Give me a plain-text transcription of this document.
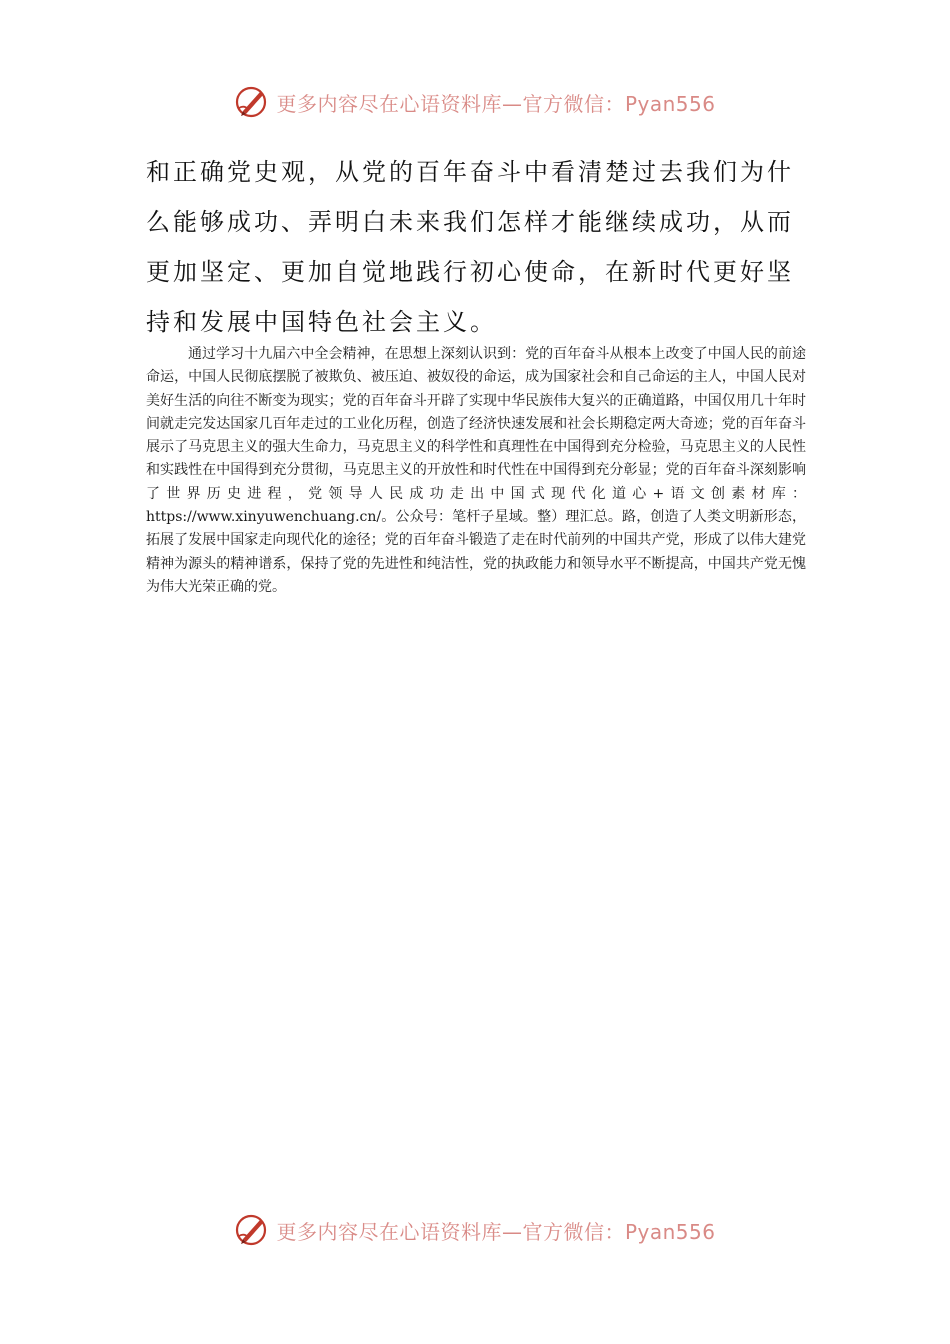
更多内容尽在心语资料库—官方微信：Pyan556

和正确党史观，从党的百年奋斗中看清楚过去我们为什么能够成功、弄明白未来我们怎样才能继续成功，从而更加坚定、更加自觉地践行初心使命，在新时代更好坚持和发展中国特色社会主义。

通过学习十九届六中全会精神，在思想上深刻认识到：党的百年奋斗从根本上改变了中国人民的前途命运，中国人民彻底摆脱了被欺负、被压迫、被奴役的命运，成为国家社会和自己命运的主人，中国人民对美好生活的向往不断变为现实；党的百年奋斗开辟了实现中华民族伟大复兴的正确道路，中国仅用几十年时间就走完发达国家几百年走过的工业化历程，创造了经济快速发展和社会长期稳定两大奇迹；党的百年奋斗展示了马克思主义的强大生命力，马克思主义的科学性和真理性在中国得到充分检验，马克思主义的人民性和实践性在中国得到充分贯彻，马克思主义的开放性和时代性在中国得到充分彰显；党的百年奋斗深刻影响了世界历史进程，党领导人民成功走出中国式现代化道心+语文创素材库：https://www.xinyuwenchuang.cn/。公众号：笔杆子星域。整）理汇总。路，创造了人类文明新形态，拓展了发展中国家走向现代化的途径；党的百年奋斗锻造了走在时代前列的中国共产党，形成了以伟大建党精神为源头的精神谱系，保持了党的先进性和纯洁性，党的执政能力和领导水平不断提高，中国共产党无愧为伟大光荣正确的党。

更多内容尽在心语资料库—官方微信：Pyan556
